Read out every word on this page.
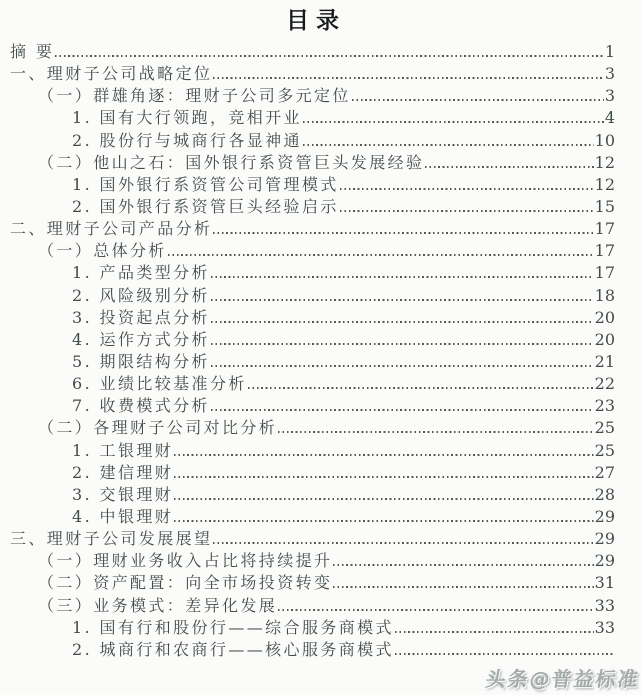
目录
摘 要	1
一、理财子公司战略定位	3
（一）群雄角逐：理财子公司多元定位	3
1. 国有大行领跑，竞相开业	4
2. 股份行与城商行各显神通	10
（二）他山之石：国外银行系资管巨头发展经验	12
1. 国外银行系资管公司管理模式	12
2. 国外银行系资管巨头经验启示	15
二、理财子公司产品分析	17
（一）总体分析	17
1. 产品类型分析	17
2. 风险级别分析	18
3. 投资起点分析	20
4. 运作方式分析	20
5. 期限结构分析	21
6. 业绩比较基准分析	22
7. 收费模式分析	23
（二）各理财子公司对比分析	25
1. 工银理财	25
2. 建信理财	27
3. 交银理财	28
4. 中银理财	29
三、理财子公司发展展望	29
（一）理财业务收入占比将持续提升	29
（二）资产配置：向全市场投资转变	31
（三）业务模式：差异化发展	33
1. 国有行和股份行——综合服务商模式	33
2. 城商行和农商行——核心服务商模式
头条@普益标准
